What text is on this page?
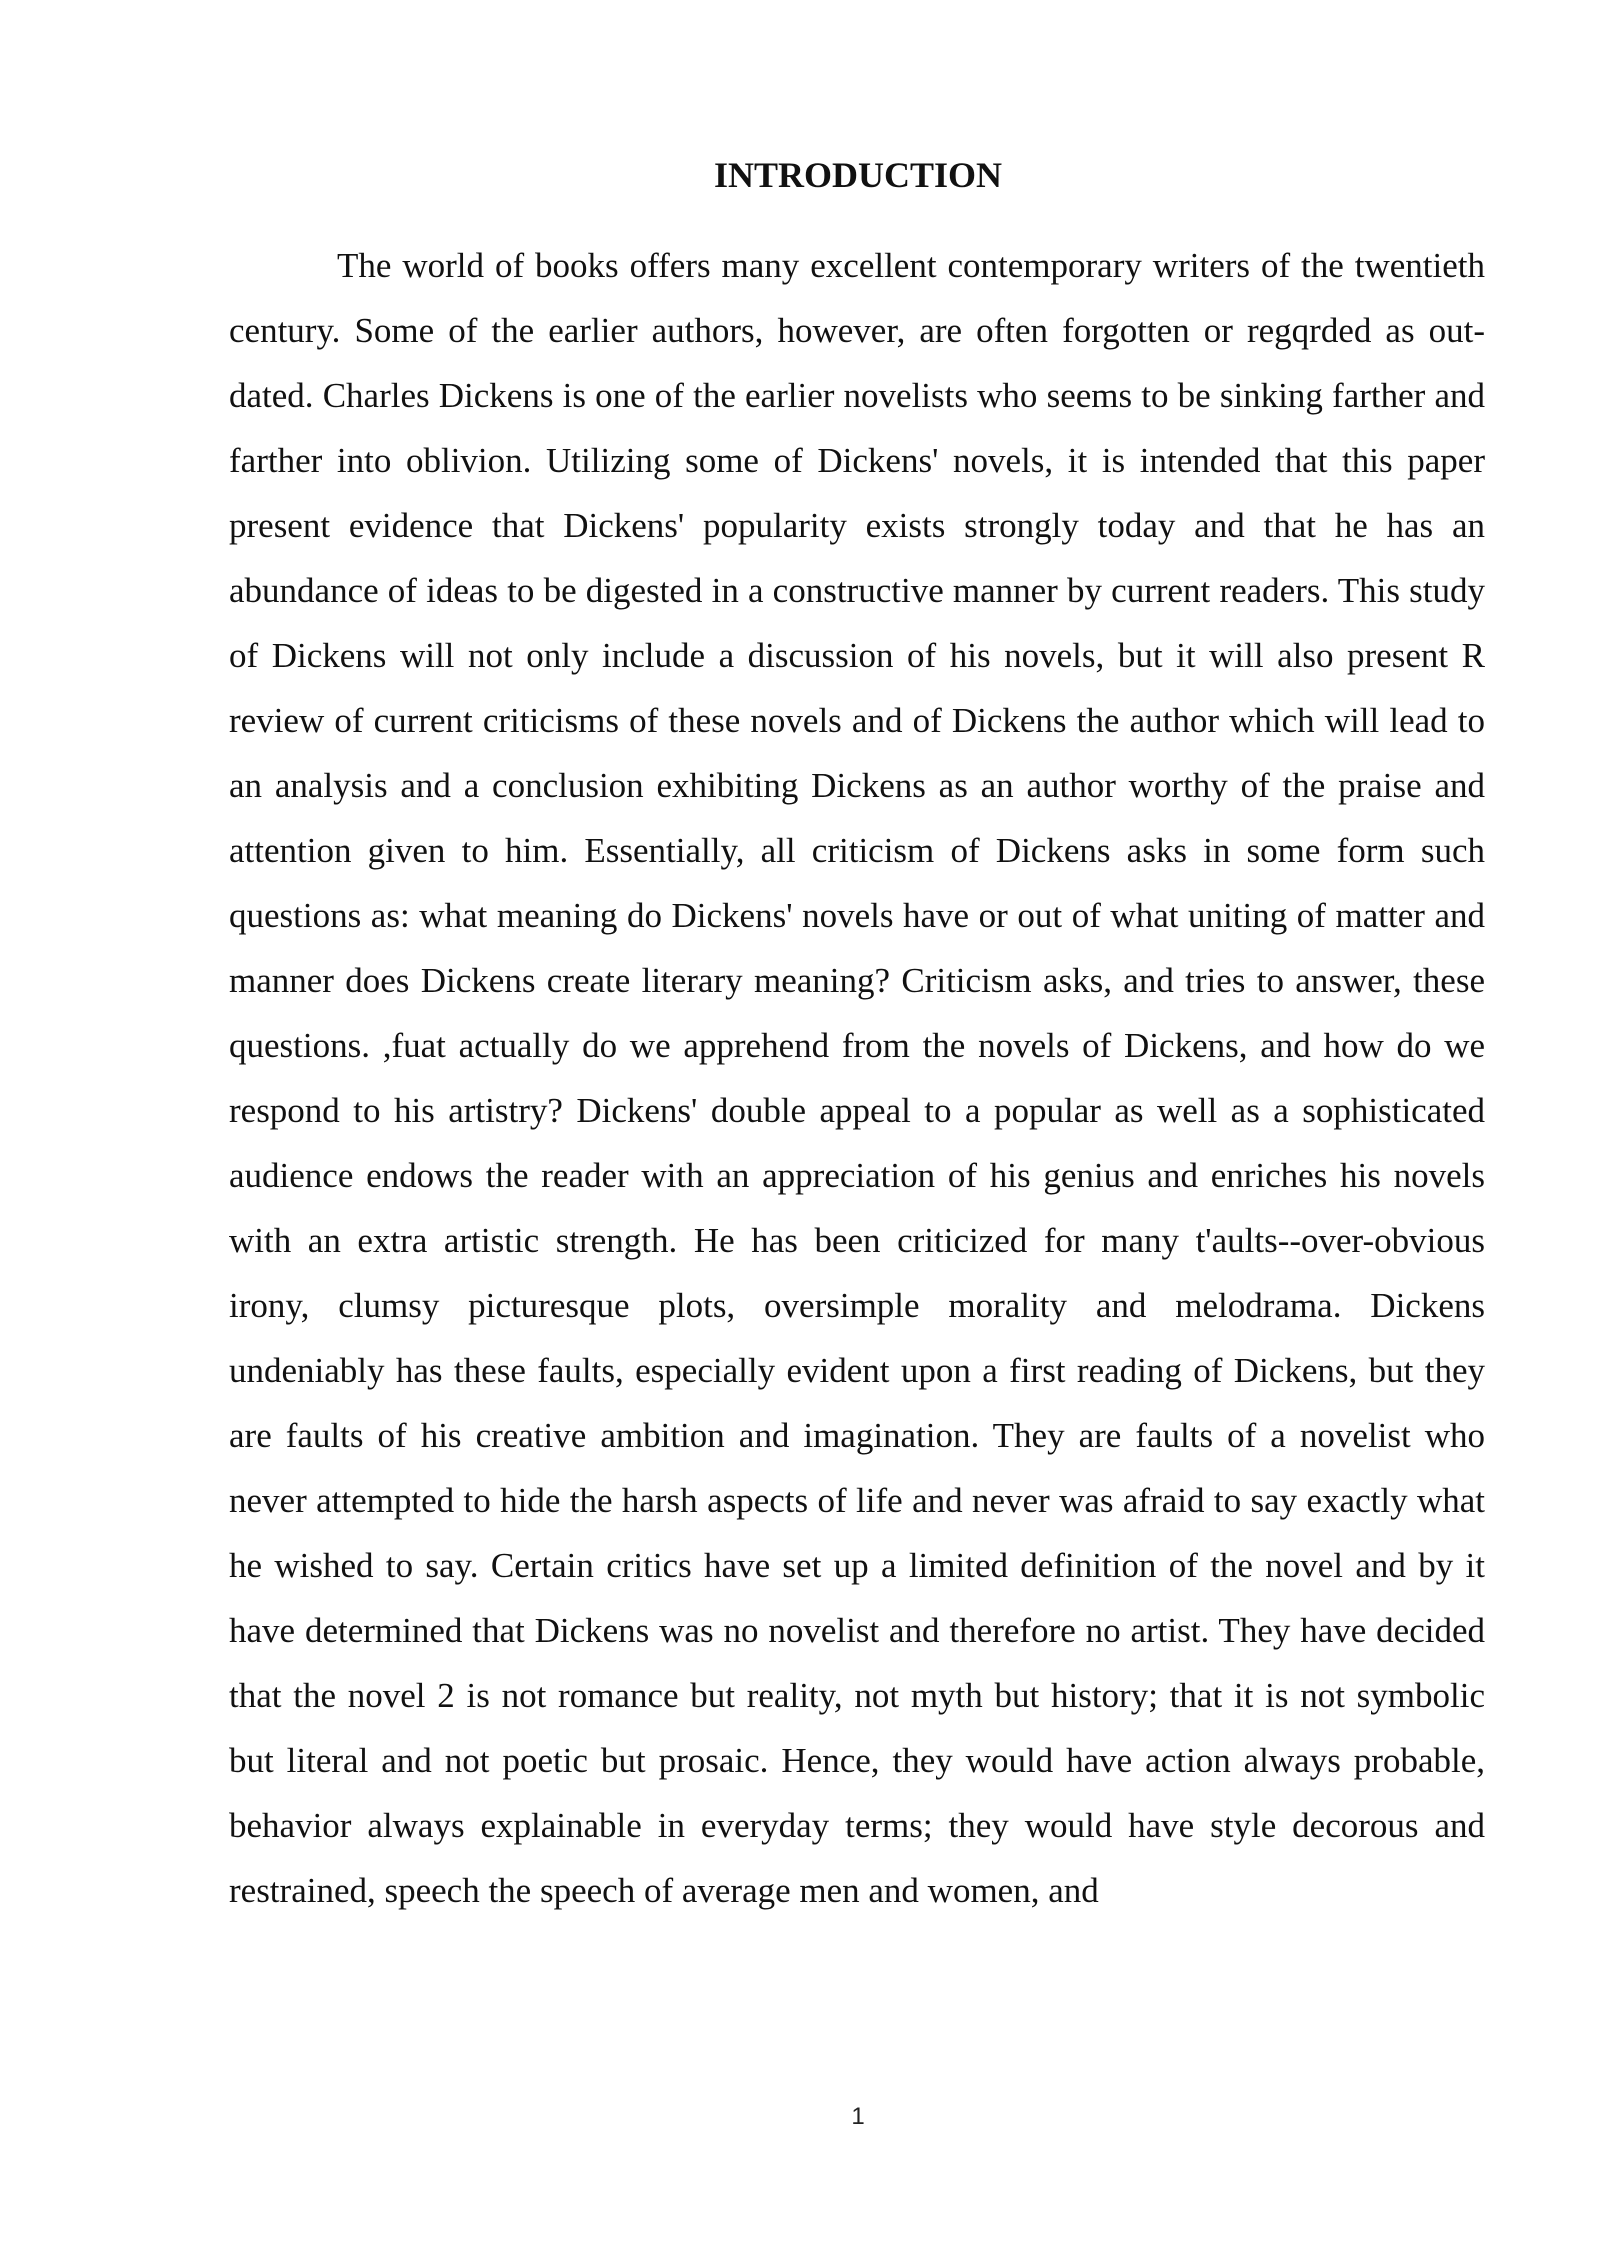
INTRODUCTION

The world of books offers many excellent contemporary writers of the twentieth century. Some of the earlier authors, however, are often forgotten or regqrded as out-dated. Charles Dickens is one of the earlier novelists who seems to be sinking farther and farther into oblivion. Utilizing some of Dickens' novels, it is intended that this paper present evidence that Dickens' popularity exists strongly today and that he has an abundance of ideas to be digested in a constructive manner by current readers. This study of Dickens will not only include a discussion of his novels, but it will also present R review of current criticisms of these novels and of Dickens the author which will lead to an analysis and a conclusion exhibiting Dickens as an author worthy of the praise and attention given to him. Essentially, all criticism of Dickens asks in some form such questions as: what meaning do Dickens' novels have or out of what uniting of matter and manner does Dickens create literary meaning? Criticism asks, and tries to answer, these questions. ,fuat actually do we apprehend from the novels of Dickens, and how do we respond to his artistry? Dickens' double appeal to a popular as well as a sophisticated audience endows the reader with an appreciation of his genius and enriches his novels with an extra artistic strength. He has been criticized for many t'aults--over-obvious irony, clumsy picturesque plots, oversimple morality and melodrama. Dickens undeniably has these faults, especially evident upon a first reading of Dickens, but they are faults of his creative ambition and imagination. They are faults of a novelist who never attempted to hide the harsh aspects of life and never was afraid to say exactly what he wished to say. Certain critics have set up a limited definition of the novel and by it have determined that Dickens was no novelist and therefore no artist. They have decided that the novel 2 is not romance but reality, not myth but history; that it is not symbolic but literal and not poetic but prosaic. Hence, they would have action always probable, behavior always explainable in everyday terms; they would have style decorous and restrained, speech the speech of average men and women, and

1
